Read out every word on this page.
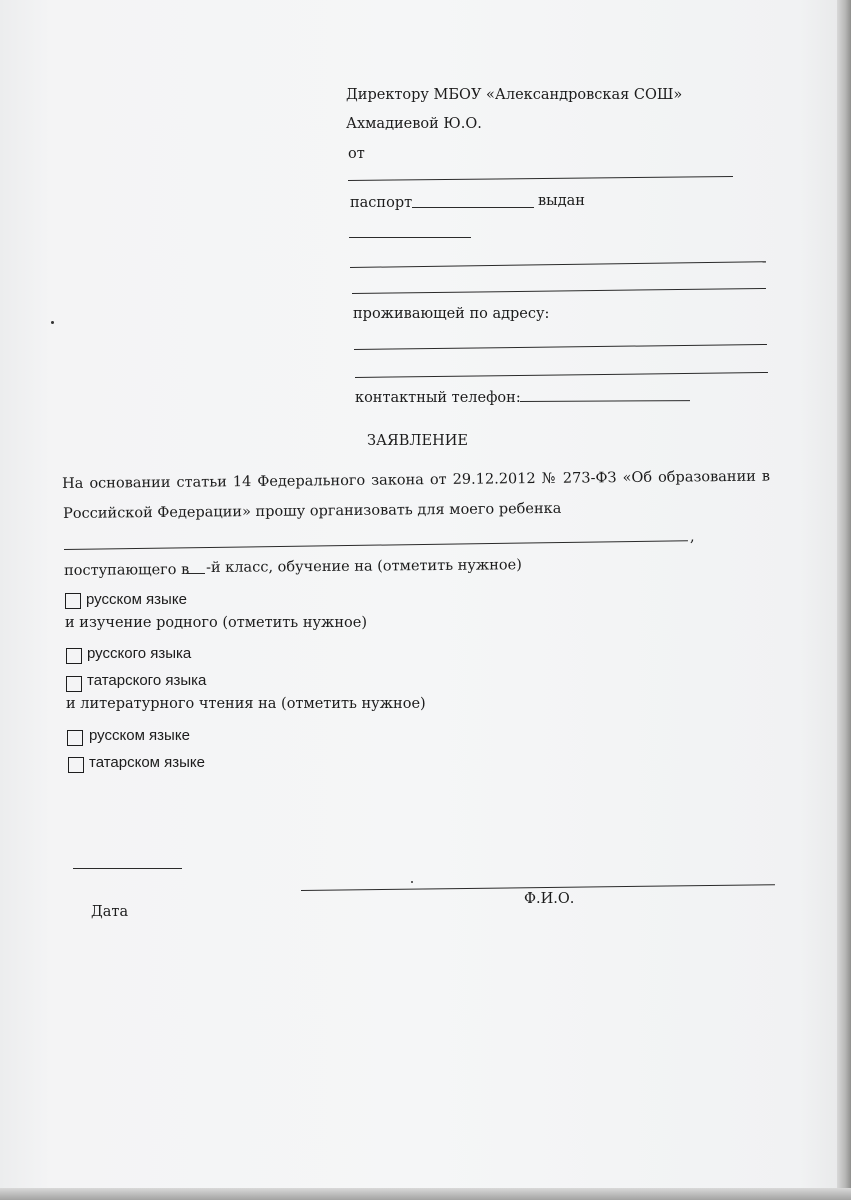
Директору МБОУ «Александровская СОШ»
Ахмадиевой Ю.О.
от
паспорт	выдан
проживающей по адресу:
контактный телефон:
ЗАЯВЛЕНИЕ
На основании статьи 14 Федерального закона от 29.12.2012 № 273-ФЗ «Об образовании в
Российской Федерации» прошу организовать для моего ребенка
,
поступающего в -й класс, обучение на (отметить нужное)
русском языке
и изучение родного (отметить нужное)
русского языка
татарского языка
и литературного чтения на (отметить нужное)
русском языке
татарском языке
Дата
Ф.И.О.
